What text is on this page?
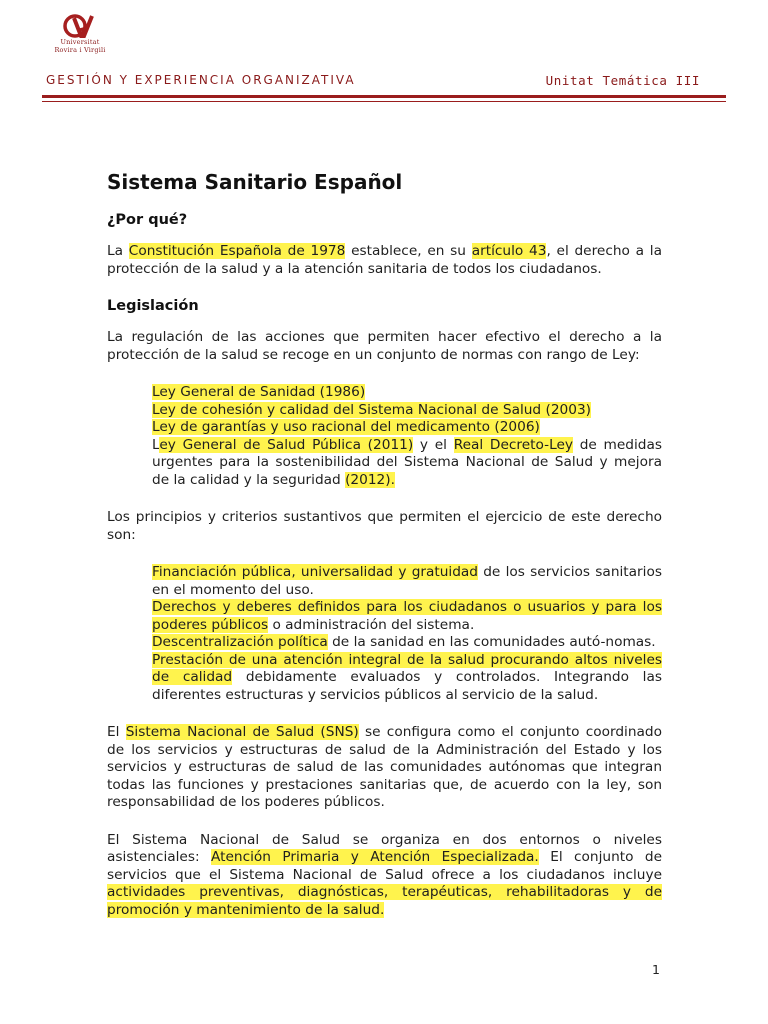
Universitat
Rovira i Virgili
GESTIÓN Y EXPERIENCIA ORGANIZATIVA	Unitat Temática III
Sistema Sanitario Español
¿Por qué?

La Constitución Española de 1978 establece, en su artículo 43, el derecho a la protección de la salud y a la atención sanitaria de todos los ciudadanos.

Legislación

La regulación de las acciones que permiten hacer efectivo el derecho a la protección de la salud se recoge en un conjunto de normas con rango de Ley:

Ley General de Sanidad (1986)
Ley de cohesión y calidad del Sistema Nacional de Salud (2003)
Ley de garantías y uso racional del medicamento (2006)
Ley General de Salud Pública (2011) y el Real Decreto-Ley de medidas urgentes para la sostenibilidad del Sistema Nacional de Salud y mejora de la calidad y la seguridad (2012).

Los principios y criterios sustantivos que permiten el ejercicio de este derecho son:

Financiación pública, universalidad y gratuidad de los servicios sanitarios en el momento del uso.
Derechos y deberes definidos para los ciudadanos o usuarios y para los poderes públicos o administración del sistema.
Descentralización política de la sanidad en las comunidades autó-nomas.
Prestación de una atención integral de la salud procurando altos niveles de calidad debidamente evaluados y controlados. Integrando las diferentes estructuras y servicios públicos al servicio de la salud.

El Sistema Nacional de Salud (SNS) se configura como el conjunto coordinado de los servicios y estructuras de salud de la Administración del Estado y los servicios y estructuras de salud de las comunidades autónomas que integran todas las funciones y prestaciones sanitarias que, de acuerdo con la ley, son responsabilidad de los poderes públicos.

El Sistema Nacional de Salud se organiza en dos entornos o niveles asistenciales: Atención Primaria y Atención Especializada. El conjunto de servicios que el Sistema Nacional de Salud ofrece a los ciudadanos incluye actividades preventivas, diagnósticas, terapéuticas, rehabilitadoras y de promoción y mantenimiento de la salud.

1
